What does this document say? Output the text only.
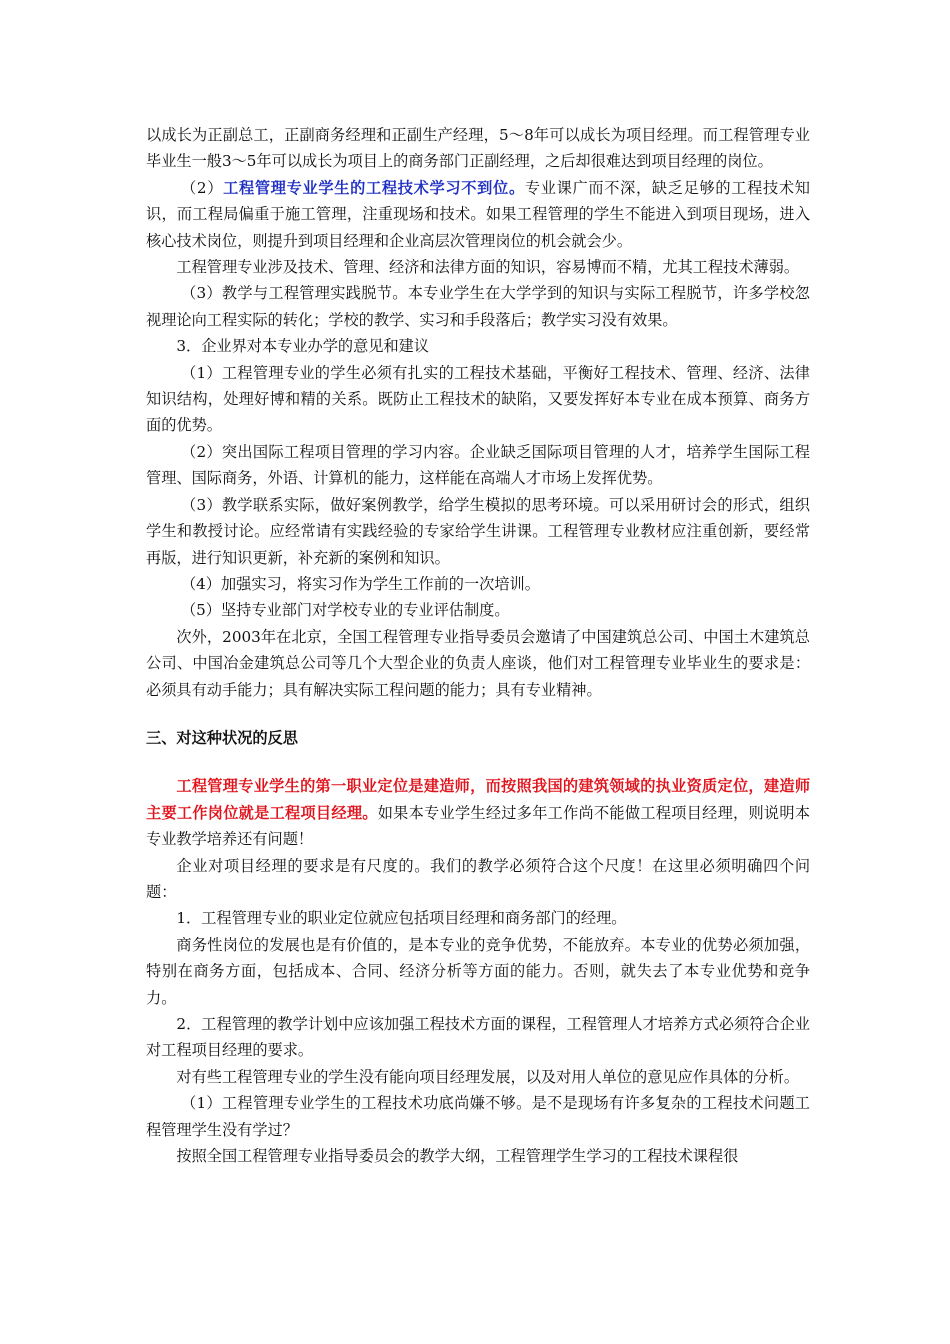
以成长为正副总工，正副商务经理和正副生产经理，5～8年可以成长为项目经理。而工程管理专业毕业生一般3～5年可以成长为项目上的商务部门正副经理，之后却很难达到项目经理的岗位。

（2）工程管理专业学生的工程技术学习不到位。专业课广而不深，缺乏足够的工程技术知识，而工程局偏重于施工管理，注重现场和技术。如果工程管理的学生不能进入到项目现场，进入核心技术岗位，则提升到项目经理和企业高层次管理岗位的机会就会少。

工程管理专业涉及技术、管理、经济和法律方面的知识，容易博而不精，尤其工程技术薄弱。

（3）教学与工程管理实践脱节。本专业学生在大学学到的知识与实际工程脱节，许多学校忽视理论向工程实际的转化；学校的教学、实习和手段落后；教学实习没有效果。

3．企业界对本专业办学的意见和建议

（1）工程管理专业的学生必须有扎实的工程技术基础，平衡好工程技术、管理、经济、法律知识结构，处理好博和精的关系。既防止工程技术的缺陷，又要发挥好本专业在成本预算、商务方面的优势。

（2）突出国际工程项目管理的学习内容。企业缺乏国际项目管理的人才，培养学生国际工程管理、国际商务，外语、计算机的能力，这样能在高端人才市场上发挥优势。

（3）教学联系实际，做好案例教学，给学生模拟的思考环境。可以采用研讨会的形式，组织学生和教授讨论。应经常请有实践经验的专家给学生讲课。工程管理专业教材应注重创新，要经常再版，进行知识更新，补充新的案例和知识。

（4）加强实习，将实习作为学生工作前的一次培训。

（5）坚持专业部门对学校专业的专业评估制度。

次外，2003年在北京，全国工程管理专业指导委员会邀请了中国建筑总公司、中国土木建筑总公司、中国冶金建筑总公司等几个大型企业的负责人座谈，他们对工程管理专业毕业生的要求是：必须具有动手能力；具有解决实际工程问题的能力；具有专业精神。

三、对这种状况的反思

工程管理专业学生的第一职业定位是建造师，而按照我国的建筑领域的执业资质定位，建造师主要工作岗位就是工程项目经理。如果本专业学生经过多年工作尚不能做工程项目经理，则说明本专业教学培养还有问题！

企业对项目经理的要求是有尺度的。我们的教学必须符合这个尺度！在这里必须明确四个问题：

1．工程管理专业的职业定位就应包括项目经理和商务部门的经理。

商务性岗位的发展也是有价值的，是本专业的竞争优势，不能放弃。本专业的优势必须加强，特别在商务方面，包括成本、合同、经济分析等方面的能力。否则，就失去了本专业优势和竞争力。

2．工程管理的教学计划中应该加强工程技术方面的课程，工程管理人才培养方式必须符合企业对工程项目经理的要求。

对有些工程管理专业的学生没有能向项目经理发展，以及对用人单位的意见应作具体的分析。

（1）工程管理专业学生的工程技术功底尚嫌不够。是不是现场有许多复杂的工程技术问题工程管理学生没有学过？

按照全国工程管理专业指导委员会的教学大纲，工程管理学生学习的工程技术课程很
